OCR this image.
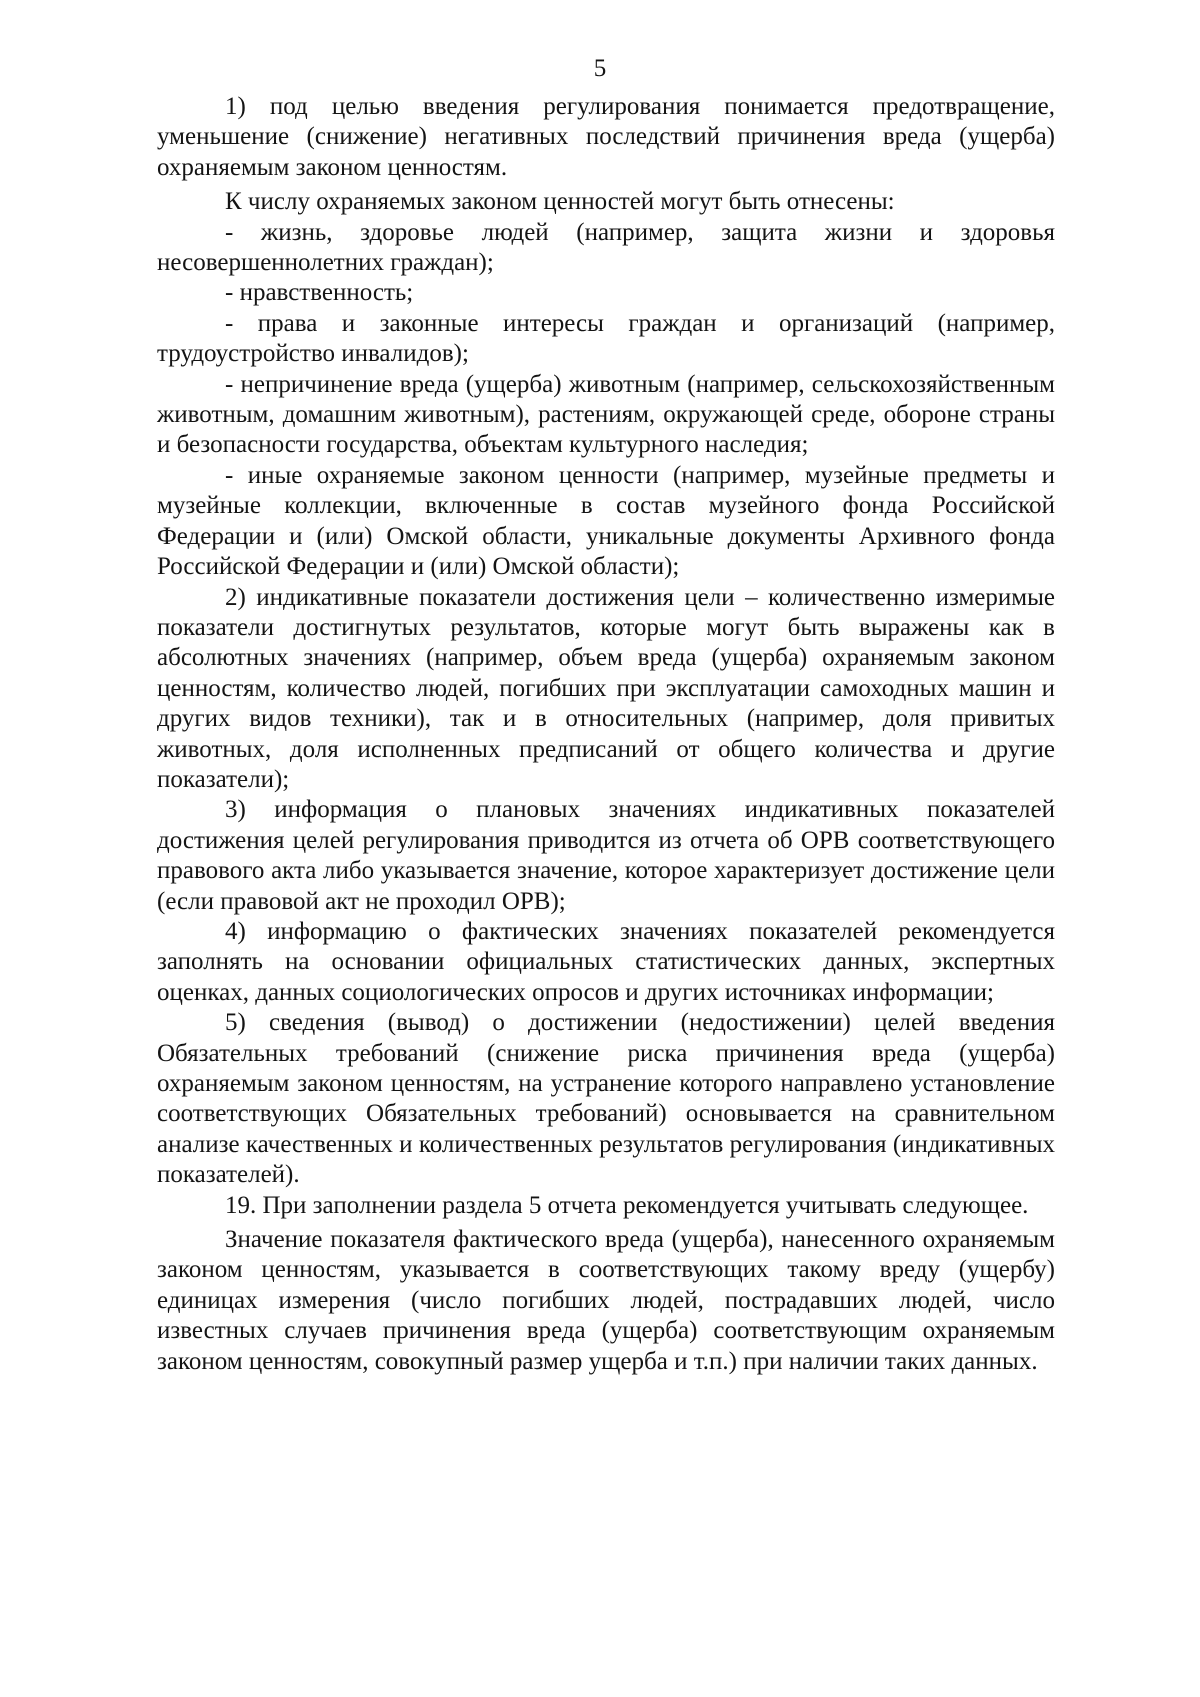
5

1) под целью введения регулирования понимается предотвращение, уменьшение (снижение) негативных последствий причинения вреда (ущерба) охраняемым законом ценностям.

К числу охраняемых законом ценностей могут быть отнесены:

- жизнь, здоровье людей (например, защита жизни и здоровья несовершеннолетних граждан);

- нравственность;

- права и законные интересы граждан и организаций (например, трудоустройство инвалидов);

- непричинение вреда (ущерба) животным (например, сельскохозяйственным животным, домашним животным), растениям, окружающей среде, обороне страны и безопасности государства, объектам культурного наследия;

- иные охраняемые законом ценности (например, музейные предметы и музейные коллекции, включенные в состав музейного фонда Российской Федерации и (или) Омской области, уникальные документы Архивного фонда Российской Федерации и (или) Омской области);

2) индикативные показатели достижения цели – количественно измеримые показатели достигнутых результатов, которые могут быть выражены как в абсолютных значениях (например, объем вреда (ущерба) охраняемым законом ценностям, количество людей, погибших при эксплуатации самоходных машин и других видов техники), так и в относительных (например, доля привитых животных, доля исполненных предписаний от общего количества и другие показатели);

3) информация о плановых значениях индикативных показателей достижения целей регулирования приводится из отчета об ОРВ соответствующего правового акта либо указывается значение, которое характеризует достижение цели (если правовой акт не проходил ОРВ);

4) информацию о фактических значениях показателей рекомендуется заполнять на основании официальных статистических данных, экспертных оценках, данных социологических опросов и других источниках информации;

5) сведения (вывод) о достижении (недостижении) целей введения Обязательных требований (снижение риска причинения вреда (ущерба) охраняемым законом ценностям, на устранение которого направлено установление соответствующих Обязательных требований) основывается на сравнительном анализе качественных и количественных результатов регулирования (индикативных показателей).

19. При заполнении раздела 5 отчета рекомендуется учитывать следующее.

Значение показателя фактического вреда (ущерба), нанесенного охраняемым законом ценностям, указывается в соответствующих такому вреду (ущербу) единицах измерения (число погибших людей, пострадавших людей, число известных случаев причинения вреда (ущерба) соответствующим охраняемым законом ценностям, совокупный размер ущерба и т.п.) при наличии таких данных.
